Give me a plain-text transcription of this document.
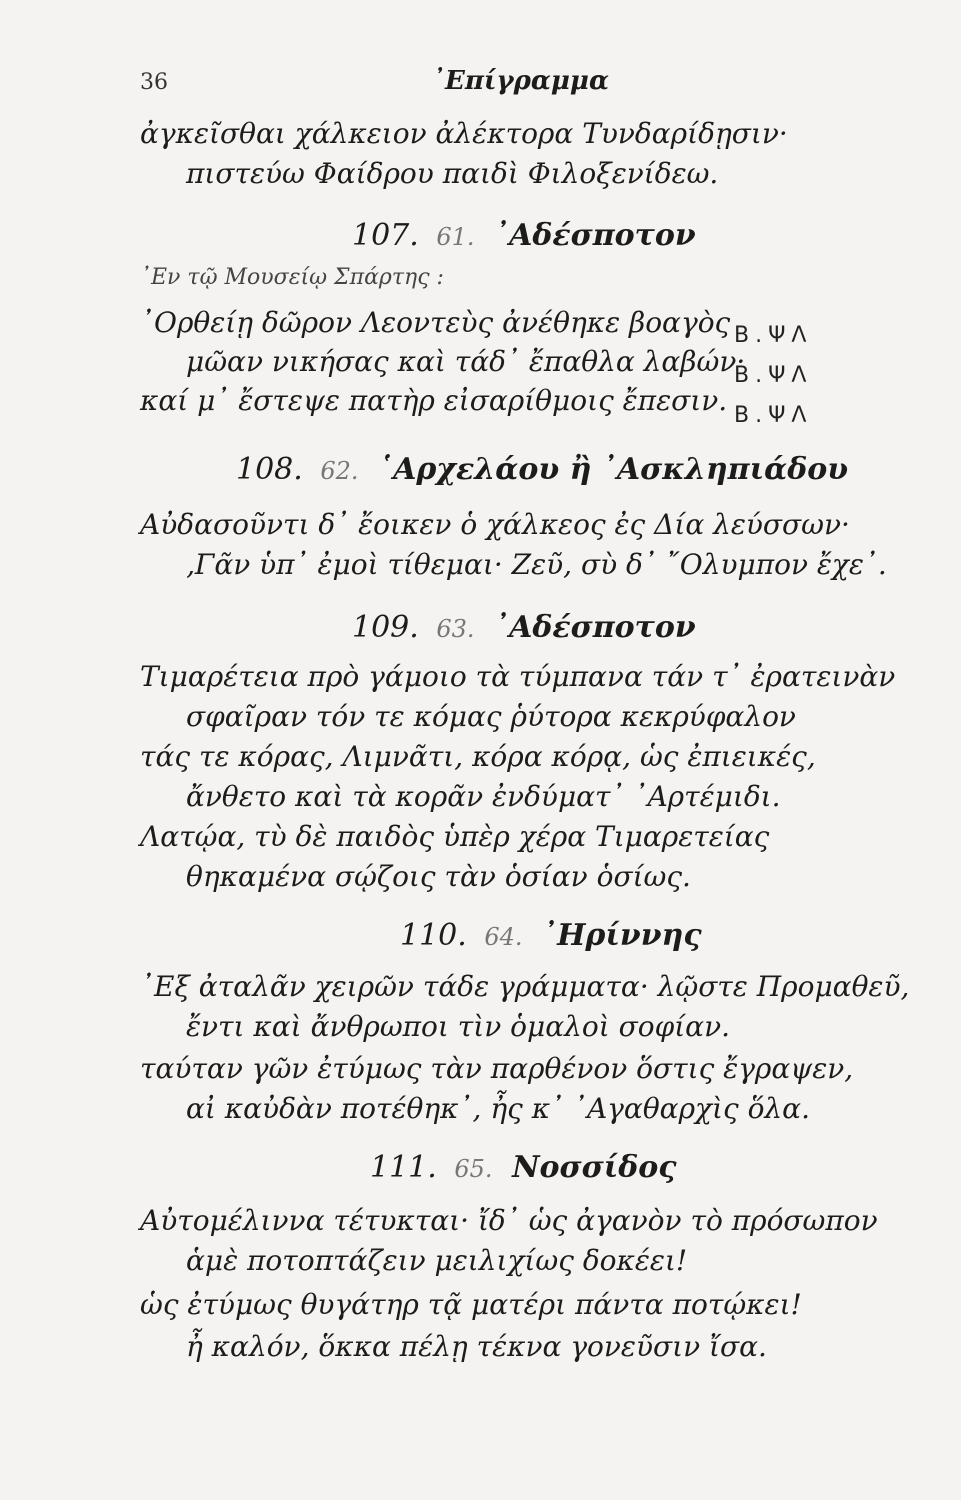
36	᾿Επίγραμμα
ἀγκεῖσθαι χάλκειον ἀλέκτορα Τυνδαρίδῃσιν·
πιστεύω Φαίδρου παιδὶ Φιλοξενίδεω.
107. 61. ᾿Αδέσποτον
᾿Εν τῷ Μουσείῳ Σπάρτης :
᾿Ορθείῃ δῶρον Λεοντεὺς ἀνέθηκε βοαγὸς
μῶαν νικήσας καὶ τάδ᾿ ἔπαθλα λαβών·
καί μ᾿ ἔστεψε πατὴρ εἰσαρίθμοις ἔπεσιν.
B.ΨΛ
B.ΨΛ
B.ΨΛ
108. 62. ῾Αρχελάου ἢ ᾿Ασκληπιάδου
Αὐδασοῦντι δ᾿ ἔοικεν ὁ χάλκεος ἐς Δία λεύσσων·
‚Γᾶν ὑπ᾿ ἐμοὶ τίθεμαι· Ζεῦ, σὺ δ᾿ ῎Ολυμπον ἔχε᾿.
109. 63. ᾿Αδέσποτον
Τιμαρέτεια πρὸ γάμοιο τὰ τύμπανα τάν τ᾿ ἐρατεινὰν
σφαῖραν τόν τε κόμας ῥύτορα κεκρύφαλον
τάς τε κόρας, Λιμνᾶτι, κόρα κόρᾳ, ὡς ἐπιεικές,
ἄνθετο καὶ τὰ κορᾶν ἐνδύματ᾿ ᾿Αρτέμιδι.
Λατῴα, τὺ δὲ παιδὸς ὑπὲρ χέρα Τιμαρετείας
θηκαμένα σῴζοις τὰν ὁσίαν ὁσίως.
110. 64. ᾿Ηρίννης
᾿Εξ ἀταλᾶν χειρῶν τάδε γράμματα· λῷστε Προμαθεῦ,
ἔντι καὶ ἄνθρωποι τὶν ὁμαλοὶ σοφίαν.
ταύταν γῶν ἐτύμως τὰν παρθένον ὅστις ἔγραψεν,
αἰ καὐδὰν ποτέθηκ᾿, ἦς κ᾿ ᾿Αγαθαρχὶς ὅλα.
111. 65. Νοσσίδος
Αὐτομέλιννα τέτυκται· ἴδ᾿ ὡς ἀγανὸν τὸ πρόσωπον
ἁμὲ ποτοπτάζειν μειλιχίως δοκέει!
ὡς ἐτύμως θυγάτηρ τᾷ ματέρι πάντα ποτῴκει!
ἦ καλόν, ὅκκα πέλῃ τέκνα γονεῦσιν ἴσα.
